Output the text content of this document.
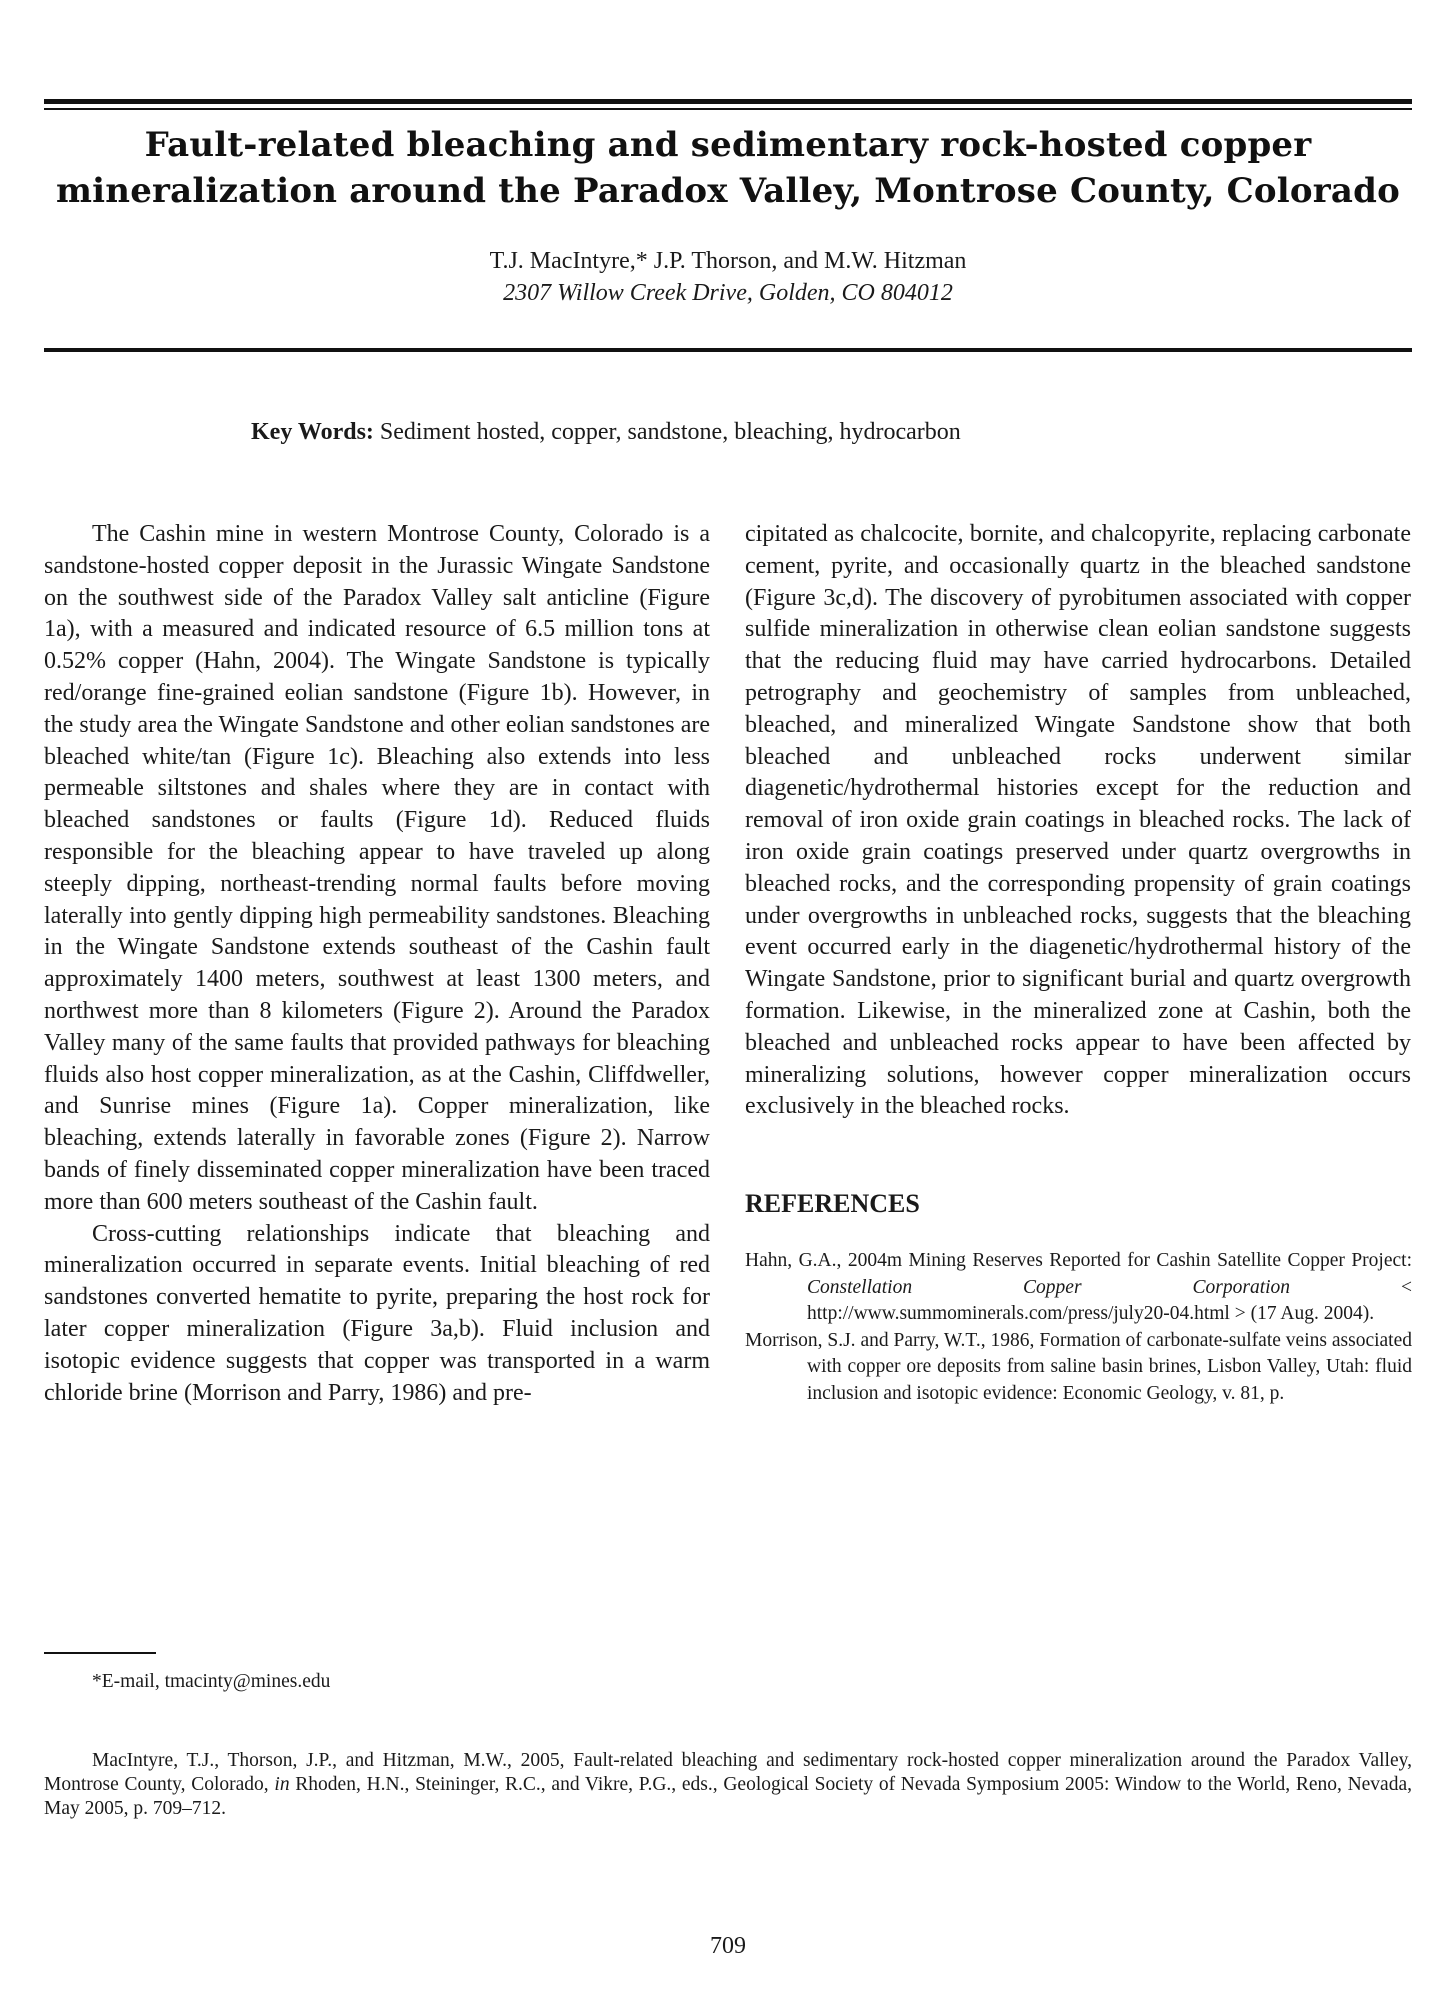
Fault-related bleaching and sedimentary rock-hosted copper
mineralization around the Paradox Valley, Montrose County, Colorado
T.J. MacIntyre,* J.P. Thorson, and M.W. Hitzman
2307 Willow Creek Drive, Golden, CO 804012
Key Words: Sediment hosted, copper, sandstone, bleaching, hydrocarbon

The Cashin mine in western Montrose County, Colorado is a sandstone-hosted copper deposit in the Jurassic Wingate Sandstone on the southwest side of the Paradox Valley salt anticline (Figure 1a), with a measured and indicated resource of 6.5 million tons at 0.52% copper (Hahn, 2004). The Wingate Sandstone is typically red/orange fine-grained eolian sandstone (Figure 1b). However, in the study area the Wingate Sandstone and other eolian sandstones are bleached white/tan (Figure 1c). Bleaching also extends into less permeable siltstones and shales where they are in contact with bleached sandstones or faults (Figure 1d). Reduced fluids responsible for the bleaching appear to have traveled up along steeply dipping, northeast-trending normal faults before moving laterally into gently dipping high permeability sandstones. Bleaching in the Wingate Sandstone extends southeast of the Cashin fault approximately 1400 meters, southwest at least 1300 meters, and northwest more than 8 kilometers (Figure 2). Around the Paradox Valley many of the same faults that provided pathways for bleaching fluids also host copper mineralization, as at the Cashin, Cliffdweller, and Sunrise mines (Figure 1a). Copper mineralization, like bleaching, extends laterally in favorable zones (Figure 2). Narrow bands of finely disseminated copper mineralization have been traced more than 600 meters southeast of the Cashin fault.

Cross-cutting relationships indicate that bleaching and mineralization occurred in separate events. Initial bleaching of red sandstones converted hematite to pyrite, preparing the host rock for later copper mineralization (Figure 3a,b). Fluid inclusion and isotopic evidence suggests that copper was transported in a warm chloride brine (Morrison and Parry, 1986) and pre-

cipitated as chalcocite, bornite, and chalcopyrite, replacing carbonate cement, pyrite, and occasionally quartz in the bleached sandstone (Figure 3c,d). The discovery of pyrobitumen associated with copper sulfide mineralization in otherwise clean eolian sandstone suggests that the reducing fluid may have carried hydrocarbons. Detailed petrography and geochemistry of samples from unbleached, bleached, and mineralized Wingate Sandstone show that both bleached and unbleached rocks underwent similar diagenetic/hydrothermal histories except for the reduction and removal of iron oxide grain coatings in bleached rocks. The lack of iron oxide grain coatings preserved under quartz overgrowths in bleached rocks, and the corresponding propensity of grain coatings under overgrowths in unbleached rocks, suggests that the bleaching event occurred early in the diagenetic/hydrothermal history of the Wingate Sandstone, prior to significant burial and quartz overgrowth formation. Likewise, in the mineralized zone at Cashin, both the bleached and unbleached rocks appear to have been affected by mineralizing solutions, however copper mineralization occurs exclusively in the bleached rocks.

REFERENCES

Hahn, G.A., 2004m Mining Reserves Reported for Cashin Satellite Copper Project: Constellation Copper Corporation < http://www.summominerals.com/press/july20-04.html > (17 Aug. 2004).

Morrison, S.J. and Parry, W.T., 1986, Formation of carbonate-sulfate veins associated with copper ore deposits from saline basin brines, Lisbon Valley, Utah: fluid inclusion and isotopic evidence: Economic Geology, v. 81, p.

*E-mail, tmacinty@mines.edu
MacIntyre, T.J., Thorson, J.P., and Hitzman, M.W., 2005, Fault-related bleaching and sedimentary rock-hosted copper mineralization around the Paradox Valley, Montrose County, Colorado, in Rhoden, H.N., Steininger, R.C., and Vikre, P.G., eds., Geological Society of Nevada Symposium 2005: Window to the World, Reno, Nevada, May 2005, p. 709–712.
709
